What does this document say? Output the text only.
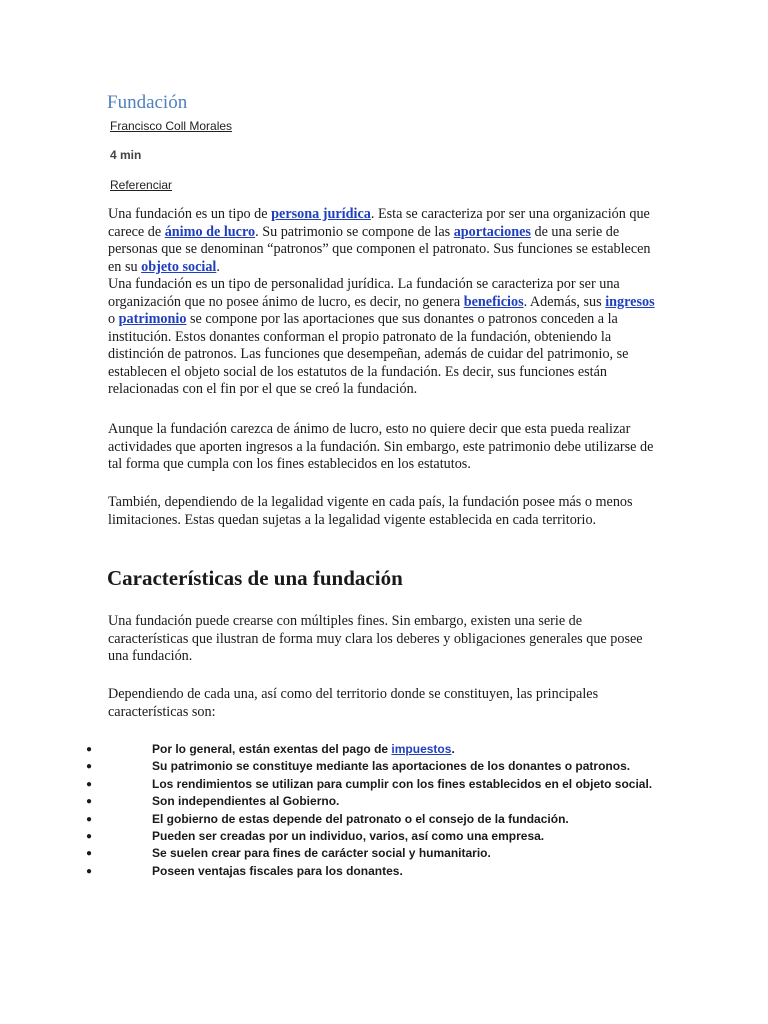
Fundación
Francisco Coll Morales
4 min
Referenciar

Una fundación es un tipo de persona jurídica. Esta se caracteriza por ser una organización que carece de ánimo de lucro. Su patrimonio se compone de las aportaciones de una serie de personas que se denominan “patronos” que componen el patronato. Sus funciones se establecen en su objeto social.

Una fundación es un tipo de personalidad jurídica. La fundación se caracteriza por ser una organización que no posee ánimo de lucro, es decir, no genera beneficios. Además, sus ingresos o patrimonio se compone por las aportaciones que sus donantes o patronos conceden a la institución. Estos donantes conforman el propio patronato de la fundación, obteniendo la distinción de patronos. Las funciones que desempeñan, además de cuidar del patrimonio, se establecen el objeto social de los estatutos de la fundación. Es decir, sus funciones están relacionadas con el fin por el que se creó la fundación.

Aunque la fundación carezca de ánimo de lucro, esto no quiere decir que esta pueda realizar actividades que aporten ingresos a la fundación. Sin embargo, este patrimonio debe utilizarse de tal forma que cumpla con los fines establecidos en los estatutos.

También, dependiendo de la legalidad vigente en cada país, la fundación posee más o menos limitaciones. Estas quedan sujetas a la legalidad vigente establecida en cada territorio.

Características de una fundación

Una fundación puede crearse con múltiples fines. Sin embargo, existen una serie de características que ilustran de forma muy clara los deberes y obligaciones generales que posee una fundación.

Dependiendo de cada una, así como del territorio donde se constituyen, las principales características son:

●	Por lo general, están exentas del pago de impuestos.
●	Su patrimonio se constituye mediante las aportaciones de los donantes o patronos.
●	Los rendimientos se utilizan para cumplir con los fines establecidos en el objeto social.
●	Son independientes al Gobierno.
●	El gobierno de estas depende del patronato o el consejo de la fundación.
●	Pueden ser creadas por un individuo, varios, así como una empresa.
●	Se suelen crear para fines de carácter social y humanitario.
●	Poseen ventajas fiscales para los donantes.
